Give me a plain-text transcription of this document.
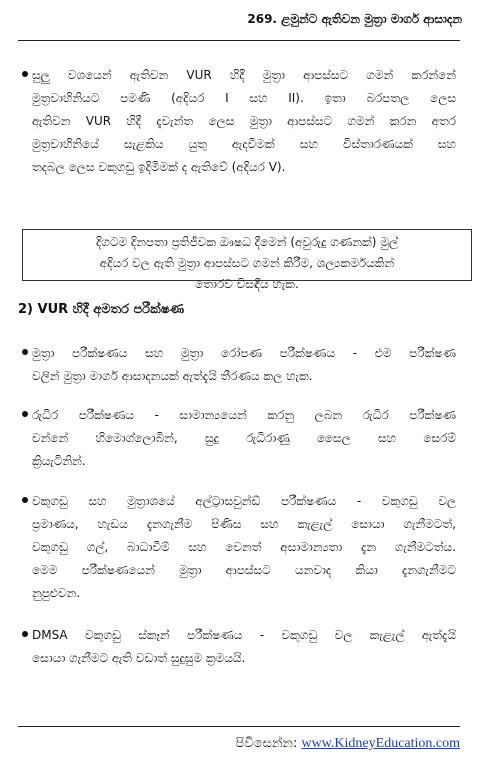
269. ළමුන්ට ඇතිවන මුත්‍රා මාර්ග ආසාදන
සුලු වශයෙන් ඇතිවන VUR හිදී මුත්‍රා ආපස්සට ගමන් කරන්නේ
මුත්‍රවාහිනියට පමණි (අදියර I සහ II). ඉතා බරපතල ලෙස
ඇතිවන VUR හිදී දැවැන්ත ලෙස මුත්‍රා ආපස්සට ගමන් කරන අතර
මුත්‍රවාහිනියේ සැළකිය යුතු ඇදවීමක් සහ විස්තාරණයක් සහ
තදබල ලෙස වකුගඩු ඉදිමීමක් ද ඇතිවේ (අදියර V).
දිගටම දිනපතා ප්‍රතිජීවක ඖෂධ දීමෙන් (අවුරුදු ගණනක්) මුල්
අදියර වල ඇති මුත්‍රා ආපස්සට ගමන් කිරීම, ශල්‍යකර්මයකින්
තොරව විසඳිය හැක.
2) VUR හිදී අමතර පරීක්ෂණ
මුත්‍රා පරීක්ෂණය සහ මුත්‍රා රෝපණ පරීක්ෂණය - එම පරීක්ෂණ
වලින් මුත්‍රා මාර්ග ආසාදනයක් ඇත්දැයි තීරණය කල හැක.
රුධිර පරීක්ෂණය - සාමාන්‍යයෙන් කරනු ලබන රුධිර පරීක්ෂණ
වන්නේ හිමොග්ලොබින්, සුදු රුධිරාණු සෛල සහ සෙරම්
ක්‍රියැටිනින්.
වකුගඩු සහ මුත්‍රාශයේ අල්ට්‍රාසවුන්ඩ් පරීක්ෂණය - වකුගඩු වල
ප්‍රමාණය, හැඩය දැනගැනීම පිණිස සහ කැළැල් සොයා ගැනීමටත්,
වකුගඩු ගල්, බාධාවීම් සහ වෙනත් අසාමාන්‍යතා දැන ගැනීමටත්ය.
මෙම පරීක්ෂණයෙන් මුත්‍රා ආපස්සට යනවාද කියා දැනගැනීමට
නුපුළුවන.
DMSA වකුගඩු ස්කෑන් පරීක්ෂණය - වකුගඩු වල කැළැල් ඇත්දැයි
සොයා ගැනීමට ඇති වඩාත් සුදුසුම ක්‍රමයයි.
පිවිසෙන්න: www.KidneyEducation.com
